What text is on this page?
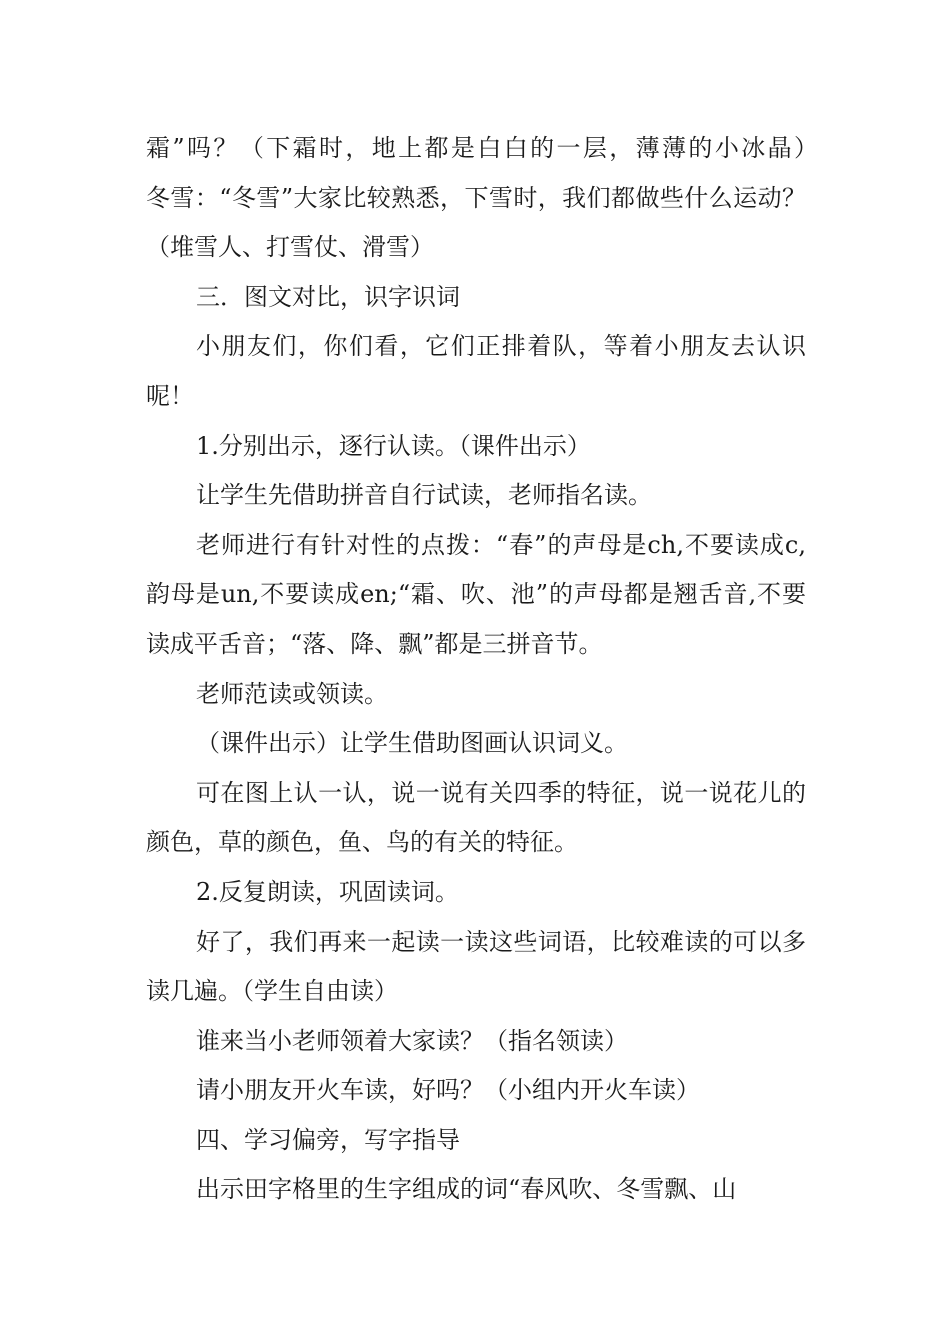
霜”吗？（下霜时，地上都是白白的一层，薄薄的小冰晶）　　冬雪：“冬雪”大家比较熟悉，下雪时，我们都做些什么运动？（堆雪人、打雪仗、滑雪）

三．图文对比，识字识词

小朋友们，你们看，它们正排着队，等着小朋友去认识呢！

1.分别出示，逐行认读。（课件出示）

让学生先借助拼音自行试读，老师指名读。

老师进行有针对性的点拨：“春”的声母是ch,不要读成c,韵母是un,不要读成en;“霜、吹、池”的声母都是翘舌音,不要读成平舌音；“落、降、飘”都是三拼音节。

老师范读或领读。

（课件出示）让学生借助图画认识词义。

可在图上认一认，说一说有关四季的特征，说一说花儿的颜色，草的颜色，鱼、鸟的有关的特征。

2.反复朗读，巩固读词。

好了，我们再来一起读一读这些词语，比较难读的可以多读几遍。（学生自由读）

谁来当小老师领着大家读？（指名领读）

请小朋友开火车读，好吗？（小组内开火车读）

四、学习偏旁，写字指导

出示田字格里的生字组成的词“春风吹、冬雪飘、山
